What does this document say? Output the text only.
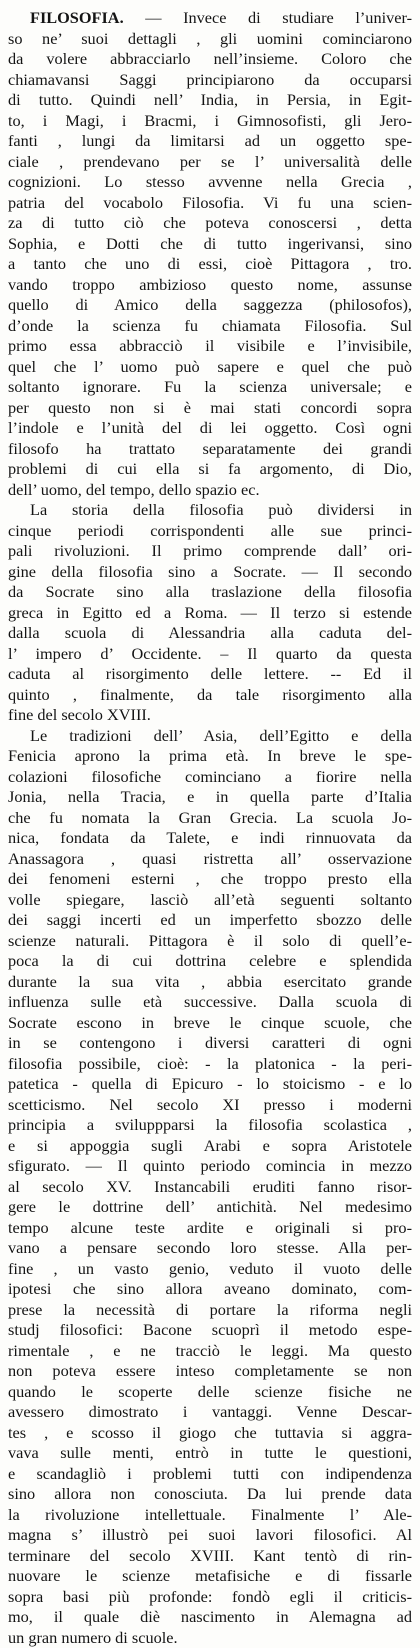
FILOSOFIA. — Invece di studiare l’univer-
so ne’ suoi dettagli , gli uomini cominciarono
da volere abbracciarlo nell’insieme. Coloro che
chiamavansi Saggi principiarono da occuparsi
di tutto. Quindi nell’ India, in Persia, in Egit-
to, i Magi, i Bracmi, i Gimnosofisti, gli Jero-
fanti , lungi da limitarsi ad un oggetto spe-
ciale , prendevano per se l’ universalità delle
cognizioni. Lo stesso avvenne nella Grecia ,
patria del vocabolo Filosofia. Vi fu una scien-
za di tutto ciò che poteva conoscersi , detta
Sophia, e Dotti che di tutto ingerivansi, sino
a tanto che uno di essi, cioè Pittagora , tro.
vando troppo ambizioso questo nome, assunse
quello di Amico della saggezza (philosofos),
d’onde la scienza fu chiamata Filosofia. Sul
primo essa abbracciò il visibile e l’invisibile,
quel che l’ uomo può sapere e quel che può
soltanto ignorare. Fu la scienza universale; e
per questo non si è mai stati concordi sopra
l’indole e l’unità del di lei oggetto. Così ogni
filosofo ha trattato separatamente dei grandi
problemi di cui ella si fa argomento, di Dio,
dell’ uomo, del tempo, dello spazio ec.

La storia della filosofia può dividersi in
cinque periodi corrispondenti alle sue princi-
pali rivoluzioni. Il primo comprende dall’ ori-
gine della filosofia sino a Socrate. — Il secondo
da Socrate sino alla traslazione della filosofia
greca in Egitto ed a Roma. — Il terzo si estende
dalla scuola di Alessandria alla caduta del-
l’ impero d’ Occidente. – Il quarto da questa
caduta al risorgimento delle lettere. -- Ed il
quinto , finalmente, da tale risorgimento alla
fine del secolo XVIII.

Le tradizioni dell’ Asia, dell’Egitto e della
Fenicia aprono la prima età. In breve le spe-
colazioni filosofiche cominciano a fiorire nella
Jonia, nella Tracia, e in quella parte d’Italia
che fu nomata la Gran Grecia. La scuola Jo-
nica, fondata da Talete, e indi rinnuovata da
Anassagora , quasi ristretta all’ osservazione
dei fenomeni esterni , che troppo presto ella
volle spiegare, lasciò all’età seguenti soltanto
dei saggi incerti ed un imperfetto sbozzo delle
scienze naturali. Pittagora è il solo di quell’e-
poca la di cui dottrina celebre e splendida
durante la sua vita , abbia esercitato grande
influenza sulle età successive. Dalla scuola di
Socrate escono in breve le cinque scuole, che
in se contengono i diversi caratteri di ogni
filosofia possibile, cioè: - la platonica - la peri-
patetica - quella di Epicuro - lo stoicismo - e lo
scetticismo. Nel secolo XI presso i moderni
principia a sviluppparsi la filosofia scolastica ,
e si appoggia sugli Arabi e sopra Aristotele
sfigurato. — Il quinto periodo comincia in mezzo
al secolo XV. Instancabili eruditi fanno risor-
gere le dottrine dell’ antichità. Nel medesimo
tempo alcune teste ardite e originali si pro-
vano a pensare secondo loro stesse. Alla per-
fine , un vasto genio, veduto il vuoto delle
ipotesi che sino allora aveano dominato, com-
prese la necessità di portare la riforma negli
studj filosofici: Bacone scuoprì il metodo espe-
rimentale , e ne tracciò le leggi. Ma questo
non poteva essere inteso completamente se non
quando le scoperte delle scienze fisiche ne
avessero dimostrato i vantaggi. Venne Descar-
tes , e scosso il giogo che tuttavia si aggra-
vava sulle menti, entrò in tutte le questioni,
e scandagliò i problemi tutti con indipendenza
sino allora non conosciuta. Da lui prende data
la rivoluzione intellettuale. Finalmente l’ Ale-
magna s’ illustrò pei suoi lavori filosofici. Al
terminare del secolo XVIII. Kant tentò di rin-
nuovare le scienze metafisiche e di fissarle
sopra basi più profonde: fondò egli il criticis-
mo, il quale diè nascimento in Alemagna ad
un gran numero di scuole.
